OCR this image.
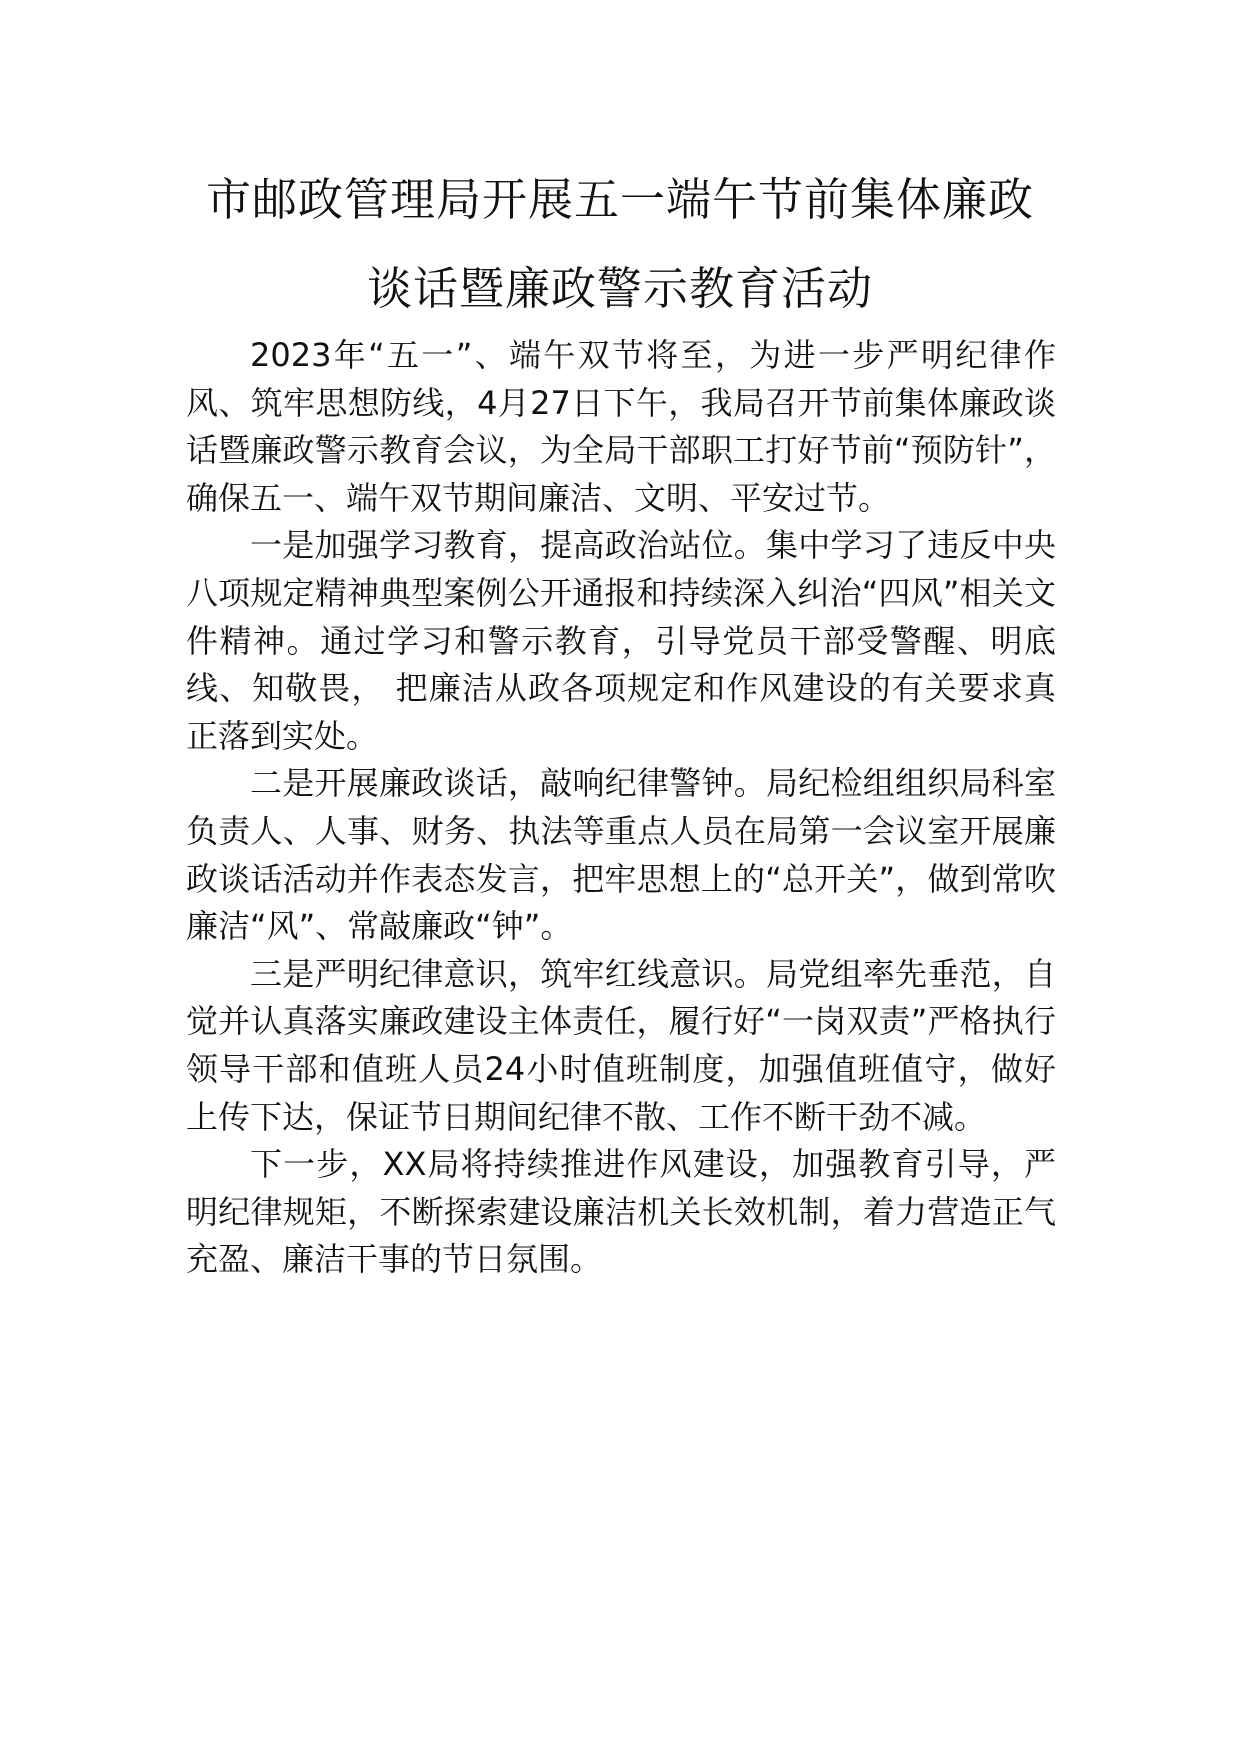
市邮政管理局开展五一端午节前集体廉政
谈话暨廉政警示教育活动

2023年“五一”、端午双节将至，为进一步严明纪律作风、筑牢思想防线，4月27日下午，我局召开节前集体廉政谈话暨廉政警示教育会议，为全局干部职工打好节前“预防针”，确保五一、端午双节期间廉洁、文明、平安过节。

一是加强学习教育，提高政治站位。集中学习了违反中央八项规定精神典型案例公开通报和持续深入纠治“四风”相关文件精神。通过学习和警示教育，引导党员干部受警醒、明底线、知敬畏， 把廉洁从政各项规定和作风建设的有关要求真正落到实处。

二是开展廉政谈话，敲响纪律警钟。局纪检组组织局科室负责人、人事、财务、执法等重点人员在局第一会议室开展廉政谈话活动并作表态发言，把牢思想上的“总开关”，做到常吹廉洁“风”、常敲廉政“钟”。

三是严明纪律意识，筑牢红线意识。局党组率先垂范，自觉并认真落实廉政建设主体责任，履行好“一岗双责”严格执行领导干部和值班人员24小时值班制度，加强值班值守，做好上传下达，保证节日期间纪律不散、工作不断干劲不减。

下一步，XX局将持续推进作风建设，加强教育引导，严明纪律规矩，不断探索建设廉洁机关长效机制，着力营造正气充盈、廉洁干事的节日氛围。
